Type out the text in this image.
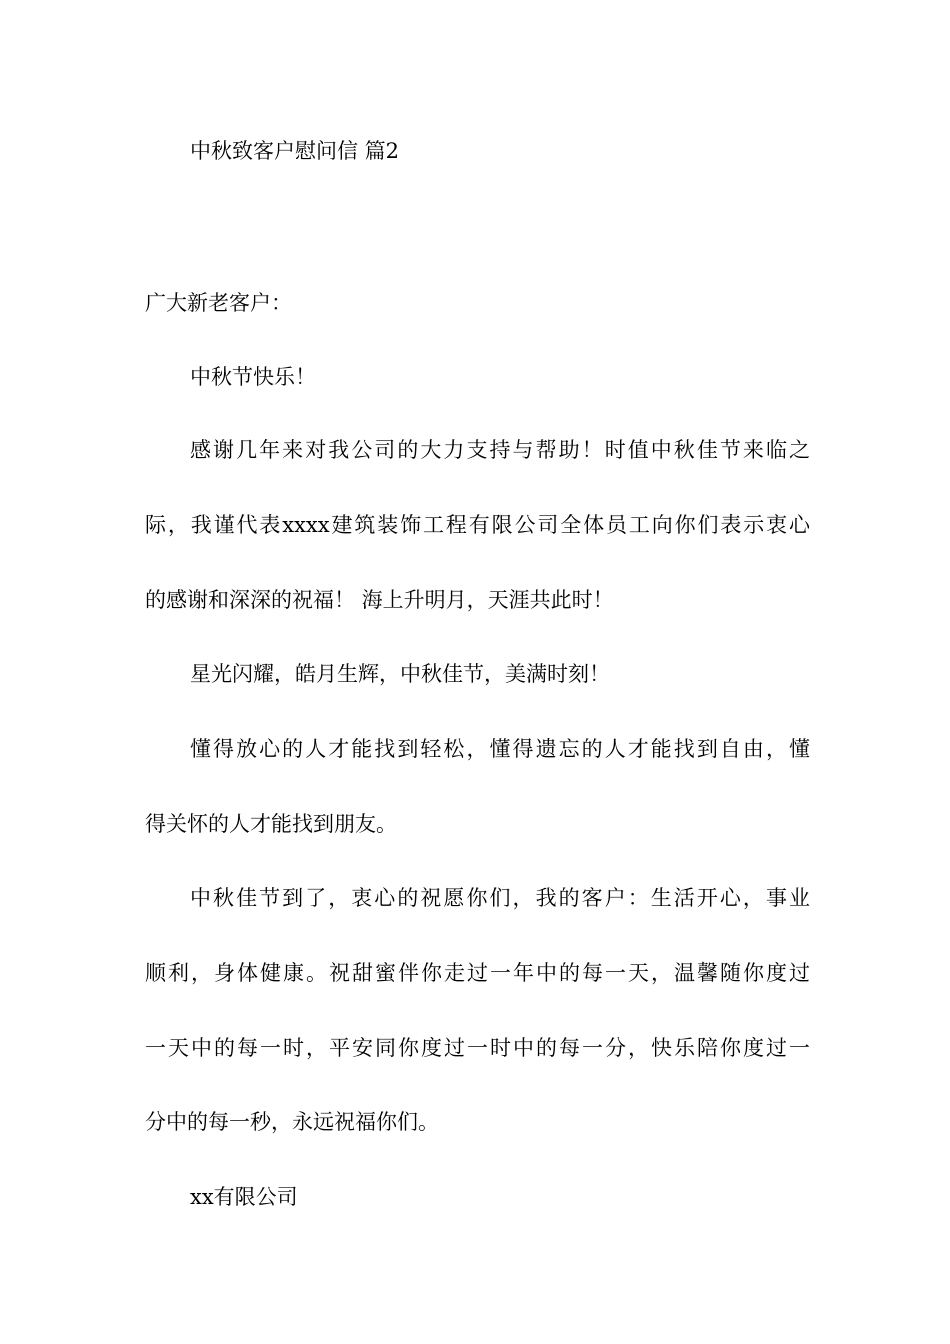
中秋致客户慰问信 篇2
广大新老客户：
中秋节快乐！
感谢几年来对我公司的大力支持与帮助！时值中秋佳节来临之
际，我谨代表xxxx建筑装饰工程有限公司全体员工向你们表示衷心
的感谢和深深的祝福！ 海上升明月，天涯共此时！
星光闪耀，皓月生辉，中秋佳节，美满时刻！
懂得放心的人才能找到轻松，懂得遗忘的人才能找到自由，懂
得关怀的人才能找到朋友。
中秋佳节到了，衷心的祝愿你们，我的客户：生活开心，事业
顺利，身体健康。祝甜蜜伴你走过一年中的每一天，温馨随你度过
一天中的每一时，平安同你度过一时中的每一分，快乐陪你度过一
分中的每一秒，永远祝福你们。
xx有限公司
